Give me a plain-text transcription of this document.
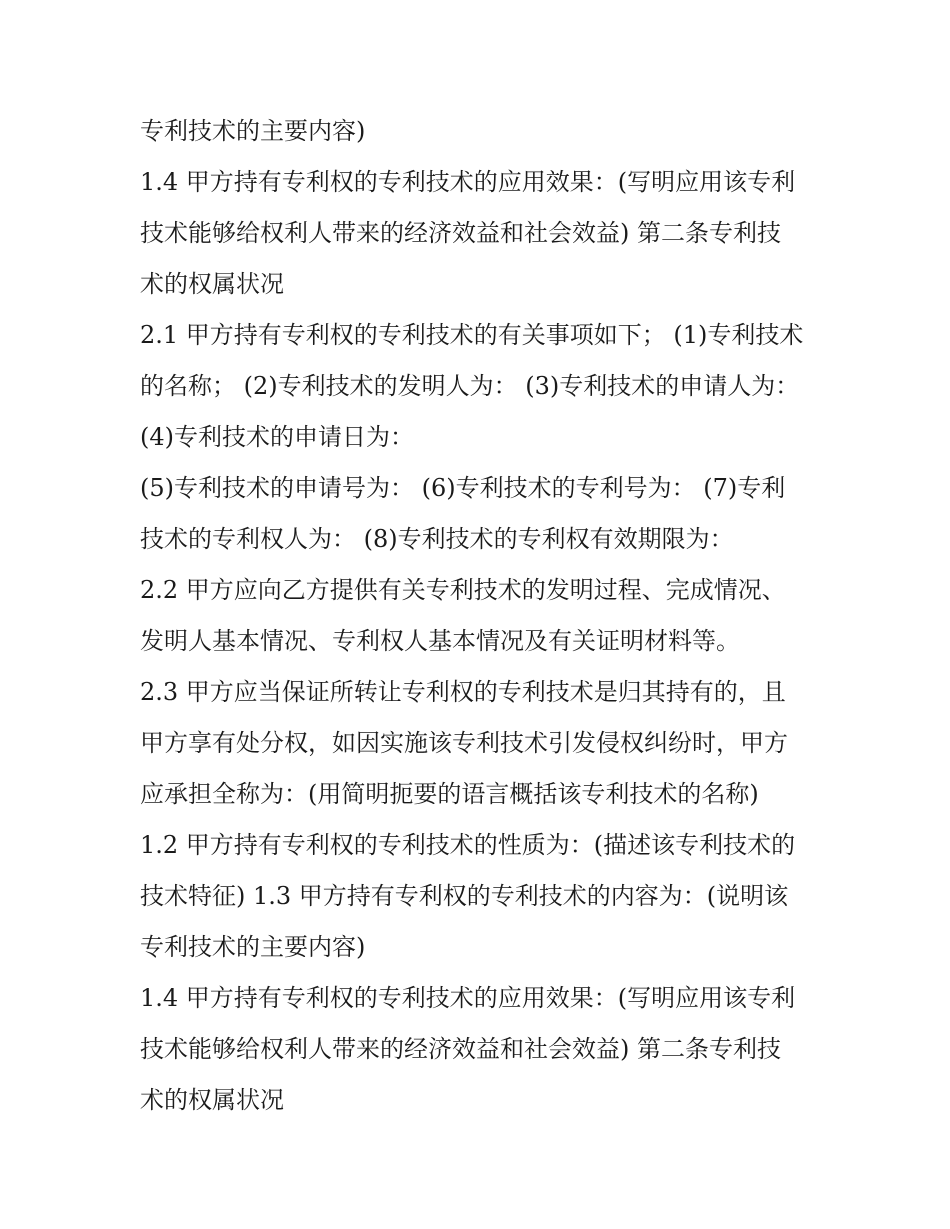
专利技术的主要内容)
1.4 甲方持有专利权的专利技术的应用效果：(写明应用该专利
技术能够给权利人带来的经济效益和社会效益) 第二条专利技
术的权属状况
2.1 甲方持有专利权的专利技术的有关事项如下； (1)专利技术
的名称； (2)专利技术的发明人为： (3)专利技术的申请人为：
(4)专利技术的申请日为：
(5)专利技术的申请号为： (6)专利技术的专利号为： (7)专利
技术的专利权人为： (8)专利技术的专利权有效期限为：
2.2 甲方应向乙方提供有关专利技术的发明过程、完成情况、
发明人基本情况、专利权人基本情况及有关证明材料等。
2.3 甲方应当保证所转让专利权的专利技术是归其持有的，且
甲方享有处分权，如因实施该专利技术引发侵权纠纷时，甲方
应承担全称为：(用简明扼要的语言概括该专利技术的名称)
1.2 甲方持有专利权的专利技术的性质为：(描述该专利技术的
技术特征) 1.3 甲方持有专利权的专利技术的内容为：(说明该
专利技术的主要内容)
1.4 甲方持有专利权的专利技术的应用效果：(写明应用该专利
技术能够给权利人带来的经济效益和社会效益) 第二条专利技
术的权属状况
